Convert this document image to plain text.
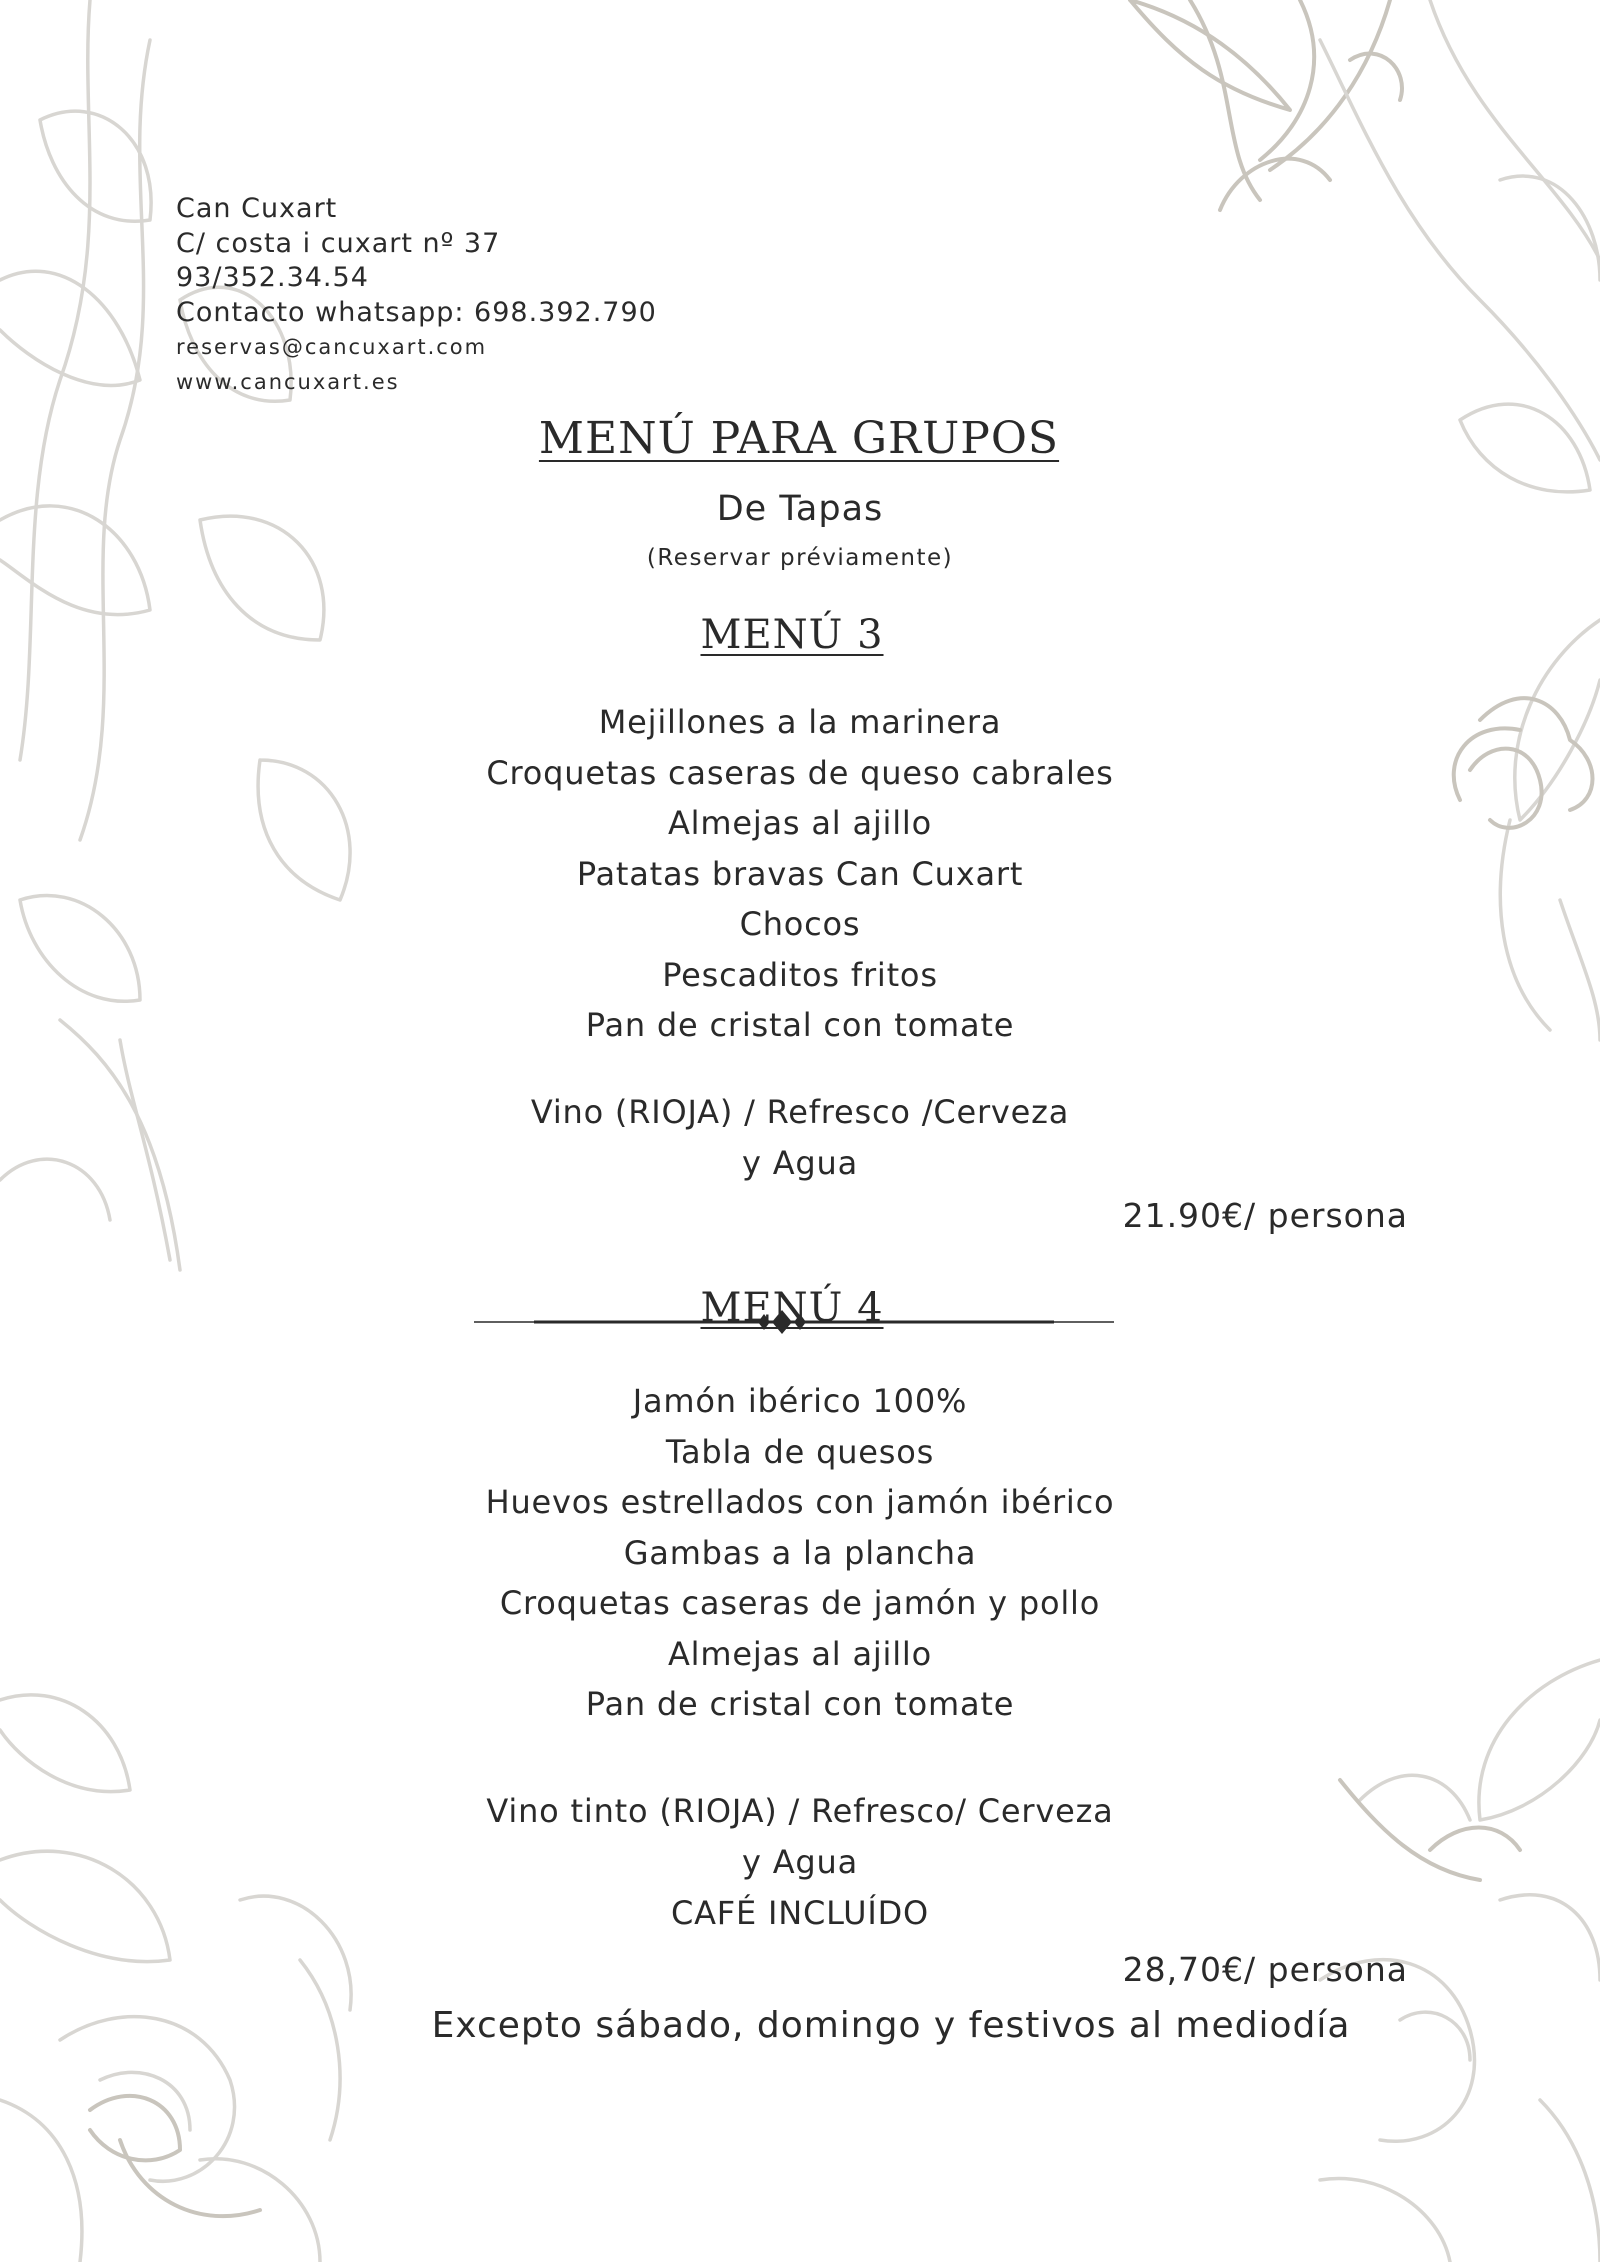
Can Cuxart
C/ costa i cuxart nº 37
93/352.34.54
Contacto whatsapp: 698.392.790
reservas@cancuxart.com
www.cancuxart.es
MENÚ PARA GRUPOS
De Tapas
(Reservar préviamente)
MENÚ 3
Mejillones a la marinera
Croquetas caseras de queso cabrales
Almejas al ajillo
Patatas bravas Can Cuxart
Chocos
Pescaditos fritos
Pan de cristal con tomate
Vino (RIOJA) / Refresco /Cerveza
y Agua
21.90€/ persona
MENÚ 4
Jamón ibérico 100%
Tabla de quesos
Huevos estrellados con jamón ibérico
Gambas a la plancha
Croquetas caseras de jamón y pollo
Almejas al ajillo
Pan de cristal con tomate
Vino tinto (RIOJA) / Refresco/ Cerveza
y Agua
CAFÉ INCLUÍDO
28,70€/ persona
Excepto sábado, domingo y festivos al mediodía
